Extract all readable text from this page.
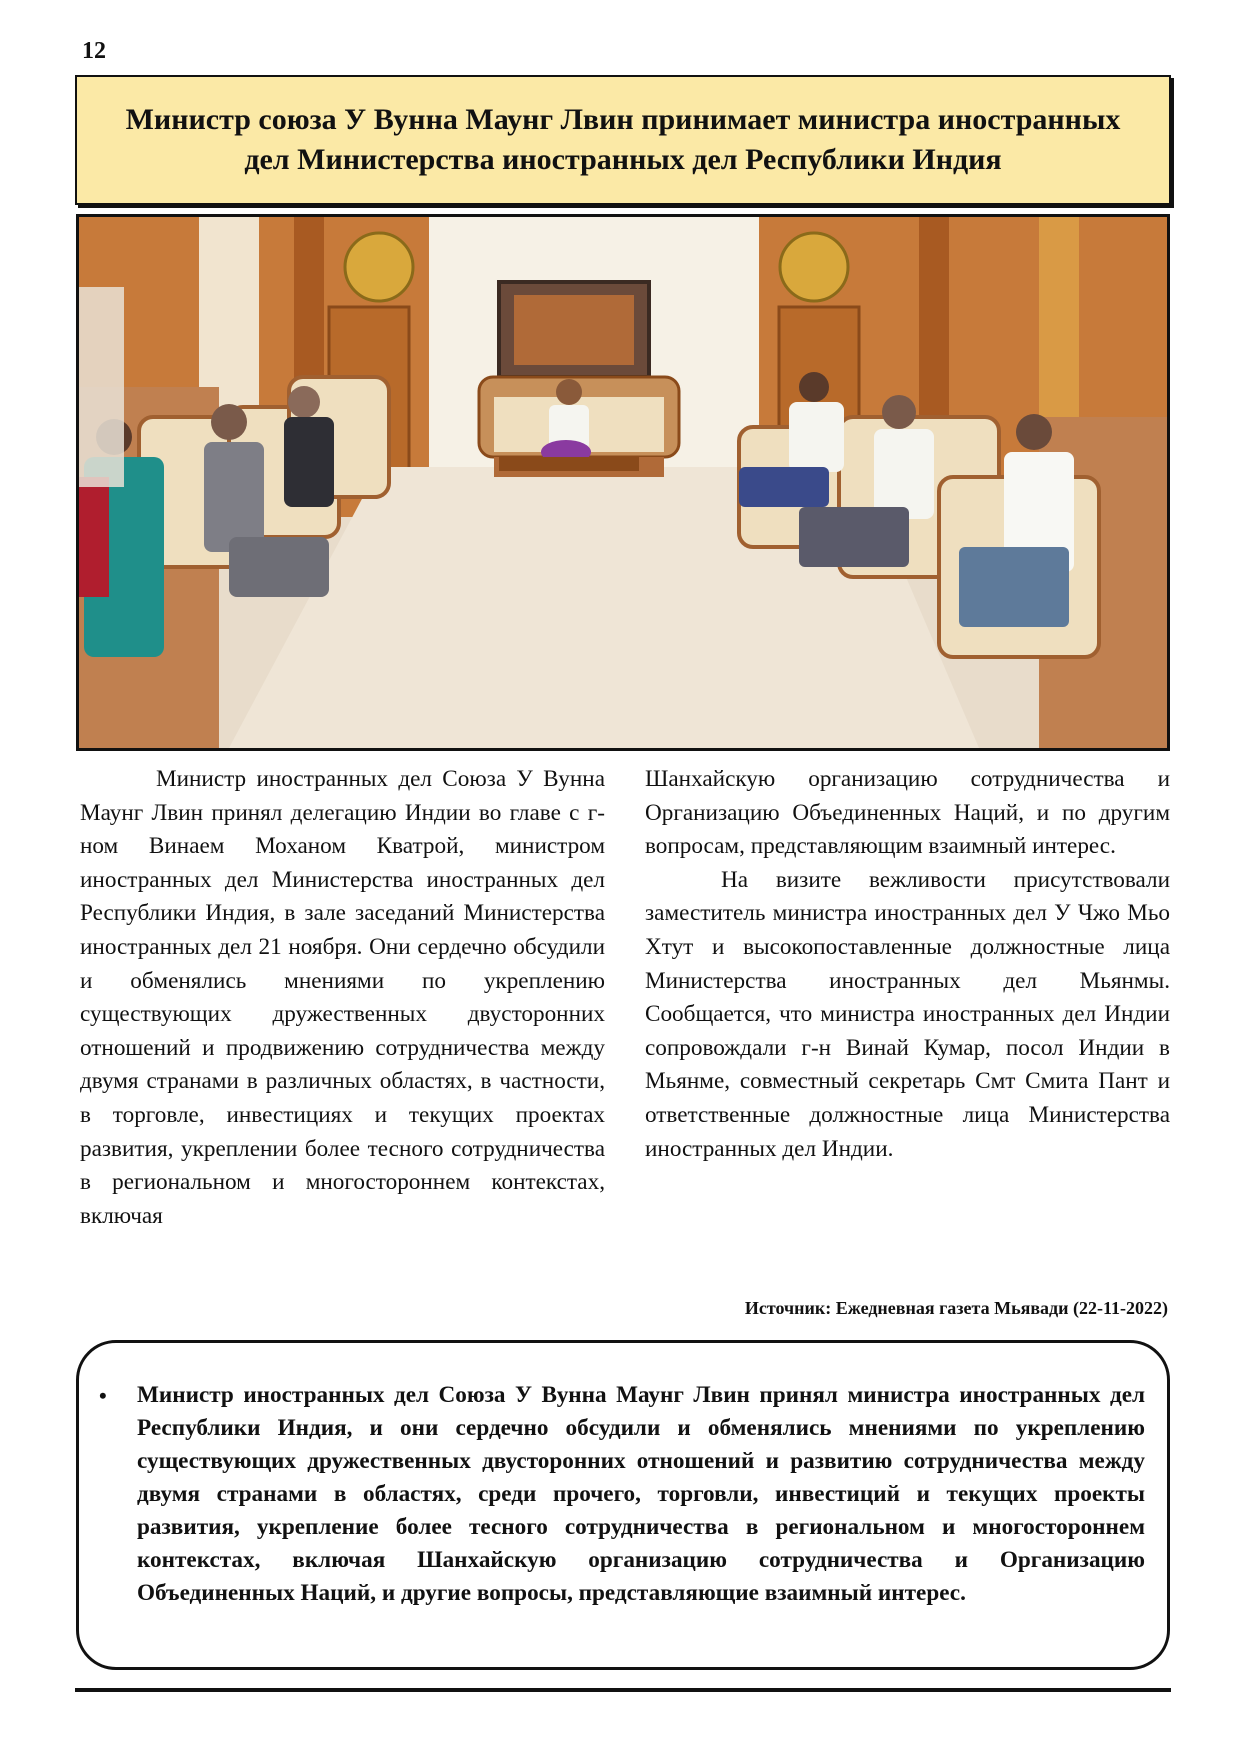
12
Министр союза У Вунна Маунг Лвин принимает министра иностранных дел Министерства иностранных дел Республики Индия

Министр иностранных дел Союза У Вунна Маунг Лвин принял делегацию Индии во главе с г-ном Винаем Моханом Кватрой, министром иностранных дел Министерства иностранных дел Республики Индия, в зале заседаний Министерства иностранных дел 21 ноября. Они сердечно обсудили и обменялись мнениями по укреплению существующих дружественных двусторонних отношений и продвижению сотрудничества между двумя странами в различных областях, в частности, в торговле, инвестициях и текущих проектах развития, укреплении более тесного сотрудничества в региональном и многостороннем контекстах, включая

Шанхайскую организацию сотрудничества и Организацию Объединенных Наций, и по другим вопросам, представляющим взаимный интерес.

На визите вежливости присутствовали заместитель министра иностранных дел У Чжо Мьо Хтут и высокопоставленные должностные лица Министерства иностранных дел Мьянмы. Сообщается, что министра иностранных дел Индии сопровождали г-н Винай Кумар, посол Индии в Мьянме, совместный секретарь Смт Смита Пант и ответственные должностные лица Министерства иностранных дел Индии.

Источник: Ежедневная газета Мьявади (22-11-2022)
• Министр иностранных дел Союза У Вунна Маунг Лвин принял министра иностранных дел Республики Индия, и они сердечно обсудили и обменялись мнениями по укреплению существующих дружественных двусторонних отношений и развитию сотрудничества между двумя странами в областях, среди прочего, торговли, инвестиций и текущих проекты развития, укрепление более тесного сотрудничества в региональном и многостороннем контекстах, включая Шанхайскую организацию сотрудничества и Организацию Объединенных Наций, и другие вопросы, представляющие взаимный интерес.
